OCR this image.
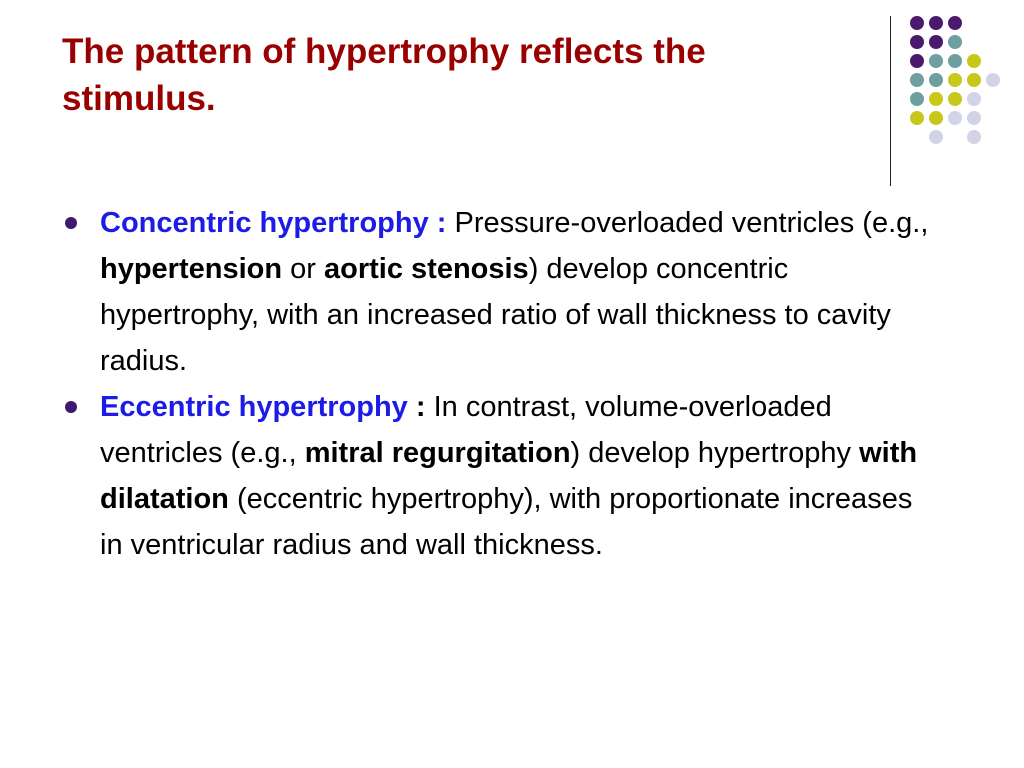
The pattern of hypertrophy reflects the stimulus.
Concentric hypertrophy : Pressure-overloaded ventricles (e.g., hypertension or aortic stenosis) develop concentric hypertrophy, with an increased ratio of wall thickness to cavity radius.
Eccentric hypertrophy : In contrast, volume-overloaded ventricles (e.g., mitral regurgitation) develop hypertrophy with dilatation (eccentric hypertrophy), with proportionate increases in ventricular radius and wall thickness.
